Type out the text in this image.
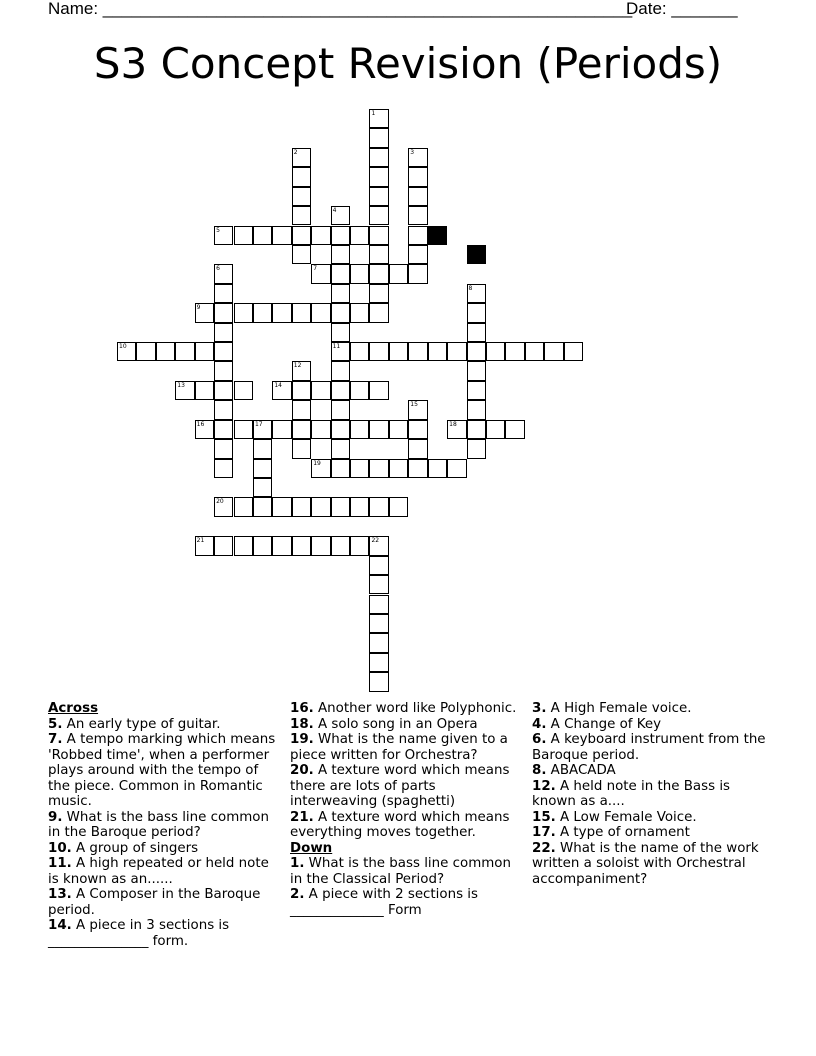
Name: ________________________________________________________
Date: _______
S3 Concept Revision (Periods)
1
2	3
4
11
5
6	7
8
9
10
12
13	14
15
16	17	18
19
20
21	22
Across
5. An early type of guitar.
7. A tempo marking which means 'Robbed time', when a performer plays around with the tempo of the piece. Common in Romantic music.
9. What is the bass line common in the Baroque period?
10. A group of singers
11. A high repeated or held note is known as an......
13. A Composer in the Baroque period.
14. A piece in 3 sections is _______________ form.
16. Another word like Polyphonic.
18. A solo song in an Opera
19. What is the name given to a piece written for Orchestra?
20. A texture word which means there are lots of parts interweaving (spaghetti)
21. A texture word which means everything moves together.
Down
1. What is the bass line common in the Classical Period?
2. A piece with 2 sections is ______________ Form
3. A High Female voice.
4. A Change of Key
6. A keyboard instrument from the Baroque period.
8. ABACADA
12. A held note in the Bass is known as a....
15. A Low Female Voice.
17. A type of ornament
22. What is the name of the work written a soloist with Orchestral accompaniment?
